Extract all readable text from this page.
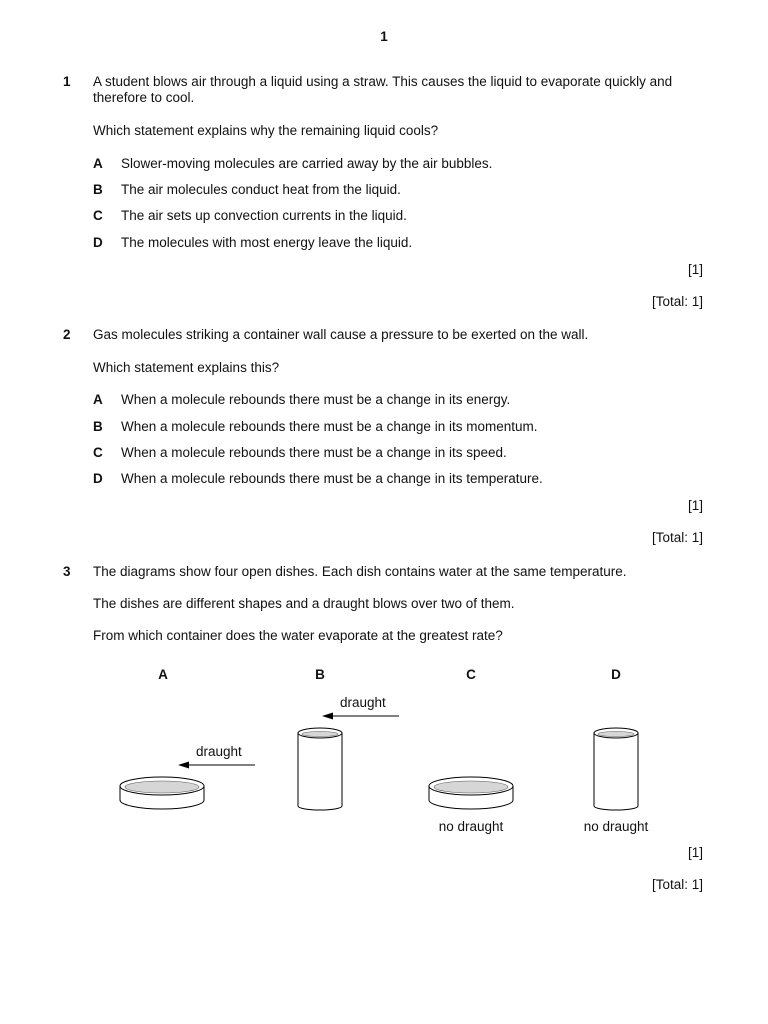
1
1 A student blows air through a liquid using a straw. This causes the liquid to evaporate quickly and
therefore to cool.
Which statement explains why the remaining liquid cools?
A Slower-moving molecules are carried away by the air bubbles.
B The air molecules conduct heat from the liquid.
C The air sets up convection currents in the liquid.
D The molecules with most energy leave the liquid.
[1]
[Total: 1]
2 Gas molecules striking a container wall cause a pressure to be exerted on the wall.
Which statement explains this?
A When a molecule rebounds there must be a change in its energy.
B When a molecule rebounds there must be a change in its momentum.
C When a molecule rebounds there must be a change in its speed.
D When a molecule rebounds there must be a change in its temperature.
[1]
[Total: 1]
3 The diagrams show four open dishes. Each dish contains water at the same temperature.
The dishes are different shapes and a draught blows over two of them.
From which container does the water evaporate at the greatest rate?
A	B	C	D
draught
draught
no draught	no draught
[1]
[Total: 1]
